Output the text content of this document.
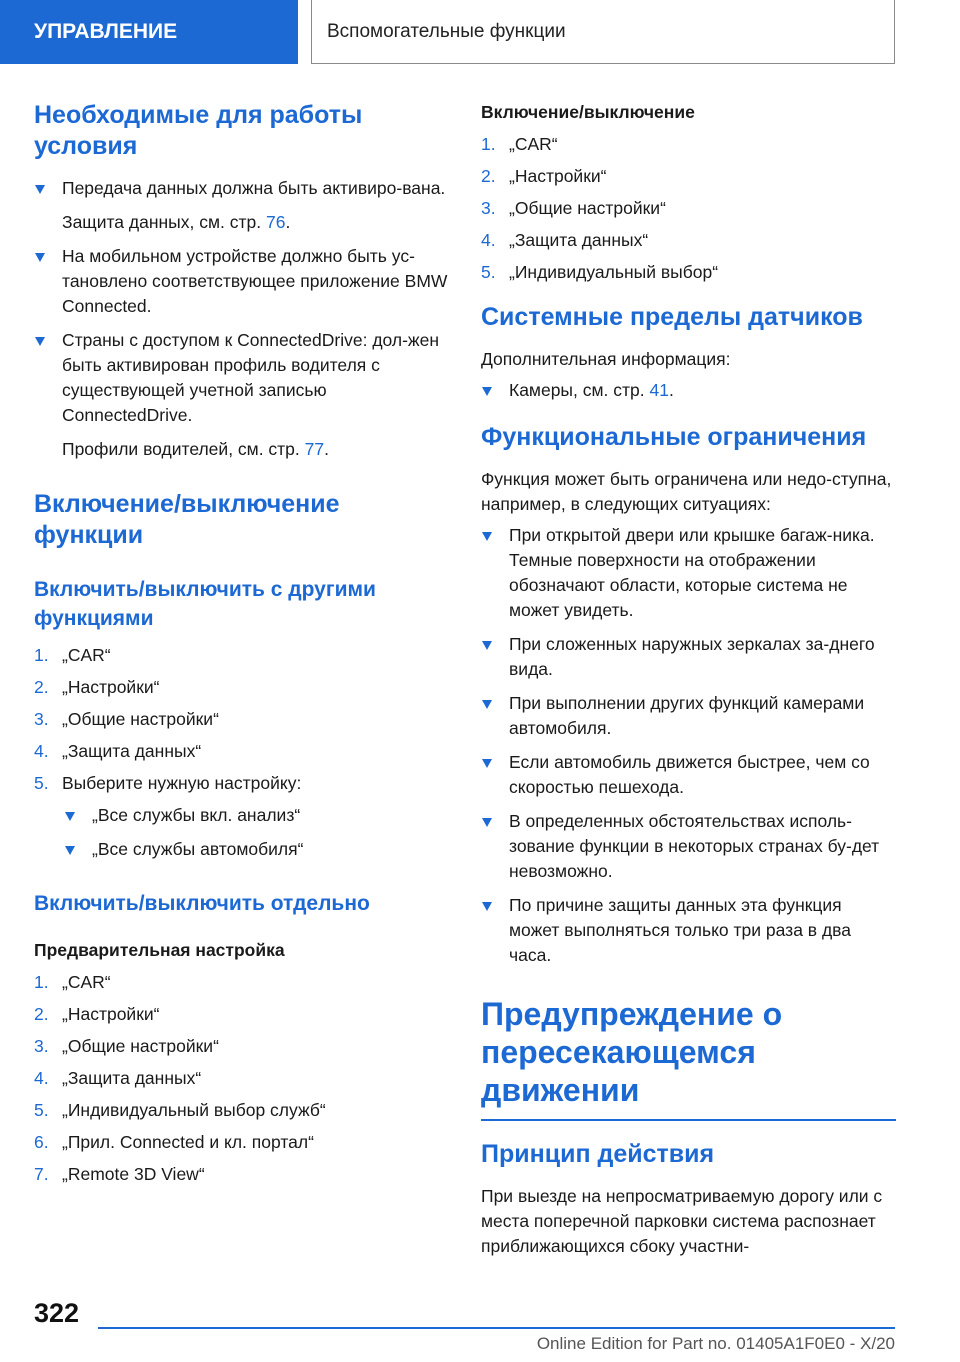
УПРАВЛЕНИЕ	Вспомогательные функции
Необходимые для работы условия
Передача данных должна быть активиро-вана.
Защита данных, см. стр. 76.
На мобильном устройстве должно быть ус-тановлено соответствующее приложение BMW Connected.
Страны с доступом к ConnectedDrive: дол-жен быть активирован профиль водителя с существующей учетной записью ConnectedDrive.
Профили водителей, см. стр. 77.
Включение/выключение функции
Включить/выключить с другими функциями
1. „CAR“
2. „Настройки“
3. „Общие настройки“
4. „Защита данных“
5. Выберите нужную настройку:
„Все службы вкл. анализ“
„Все службы автомобиля“
Включить/выключить отдельно
Предварительная настройка
1. „CAR“
2. „Настройки“
3. „Общие настройки“
4. „Защита данных“
5. „Индивидуальный выбор служб“
6. „Прил. Connected и кл. портал“
7. „Remote 3D View“
Включение/выключение
1. „CAR“
2. „Настройки“
3. „Общие настройки“
4. „Защита данных“
5. „Индивидуальный выбор“
Системные пределы датчиков
Дополнительная информация:
Камеры, см. стр. 41.
Функциональные ограничения
Функция может быть ограничена или недо-ступна, например, в следующих ситуациях:
При открытой двери или крышке багаж-ника. Темные поверхности на отображении обозначают области, которые система не может увидеть.
При сложенных наружных зеркалах за-днего вида.
При выполнении других функций камерами автомобиля.
Если автомобиль движется быстрее, чем со скоростью пешехода.
В определенных обстоятельствах исполь-зование функции в некоторых странах бу-дет невозможно.
По причине защиты данных эта функция может выполняться только три раза в два часа.
Предупреждение о пересекающемся движении
Принцип действия
При выезде на непросматриваемую дорогу или с места поперечной парковки система распознает приближающихся сбоку участни-
322
Online Edition for Part no. 01405A1F0E0 - X/20
